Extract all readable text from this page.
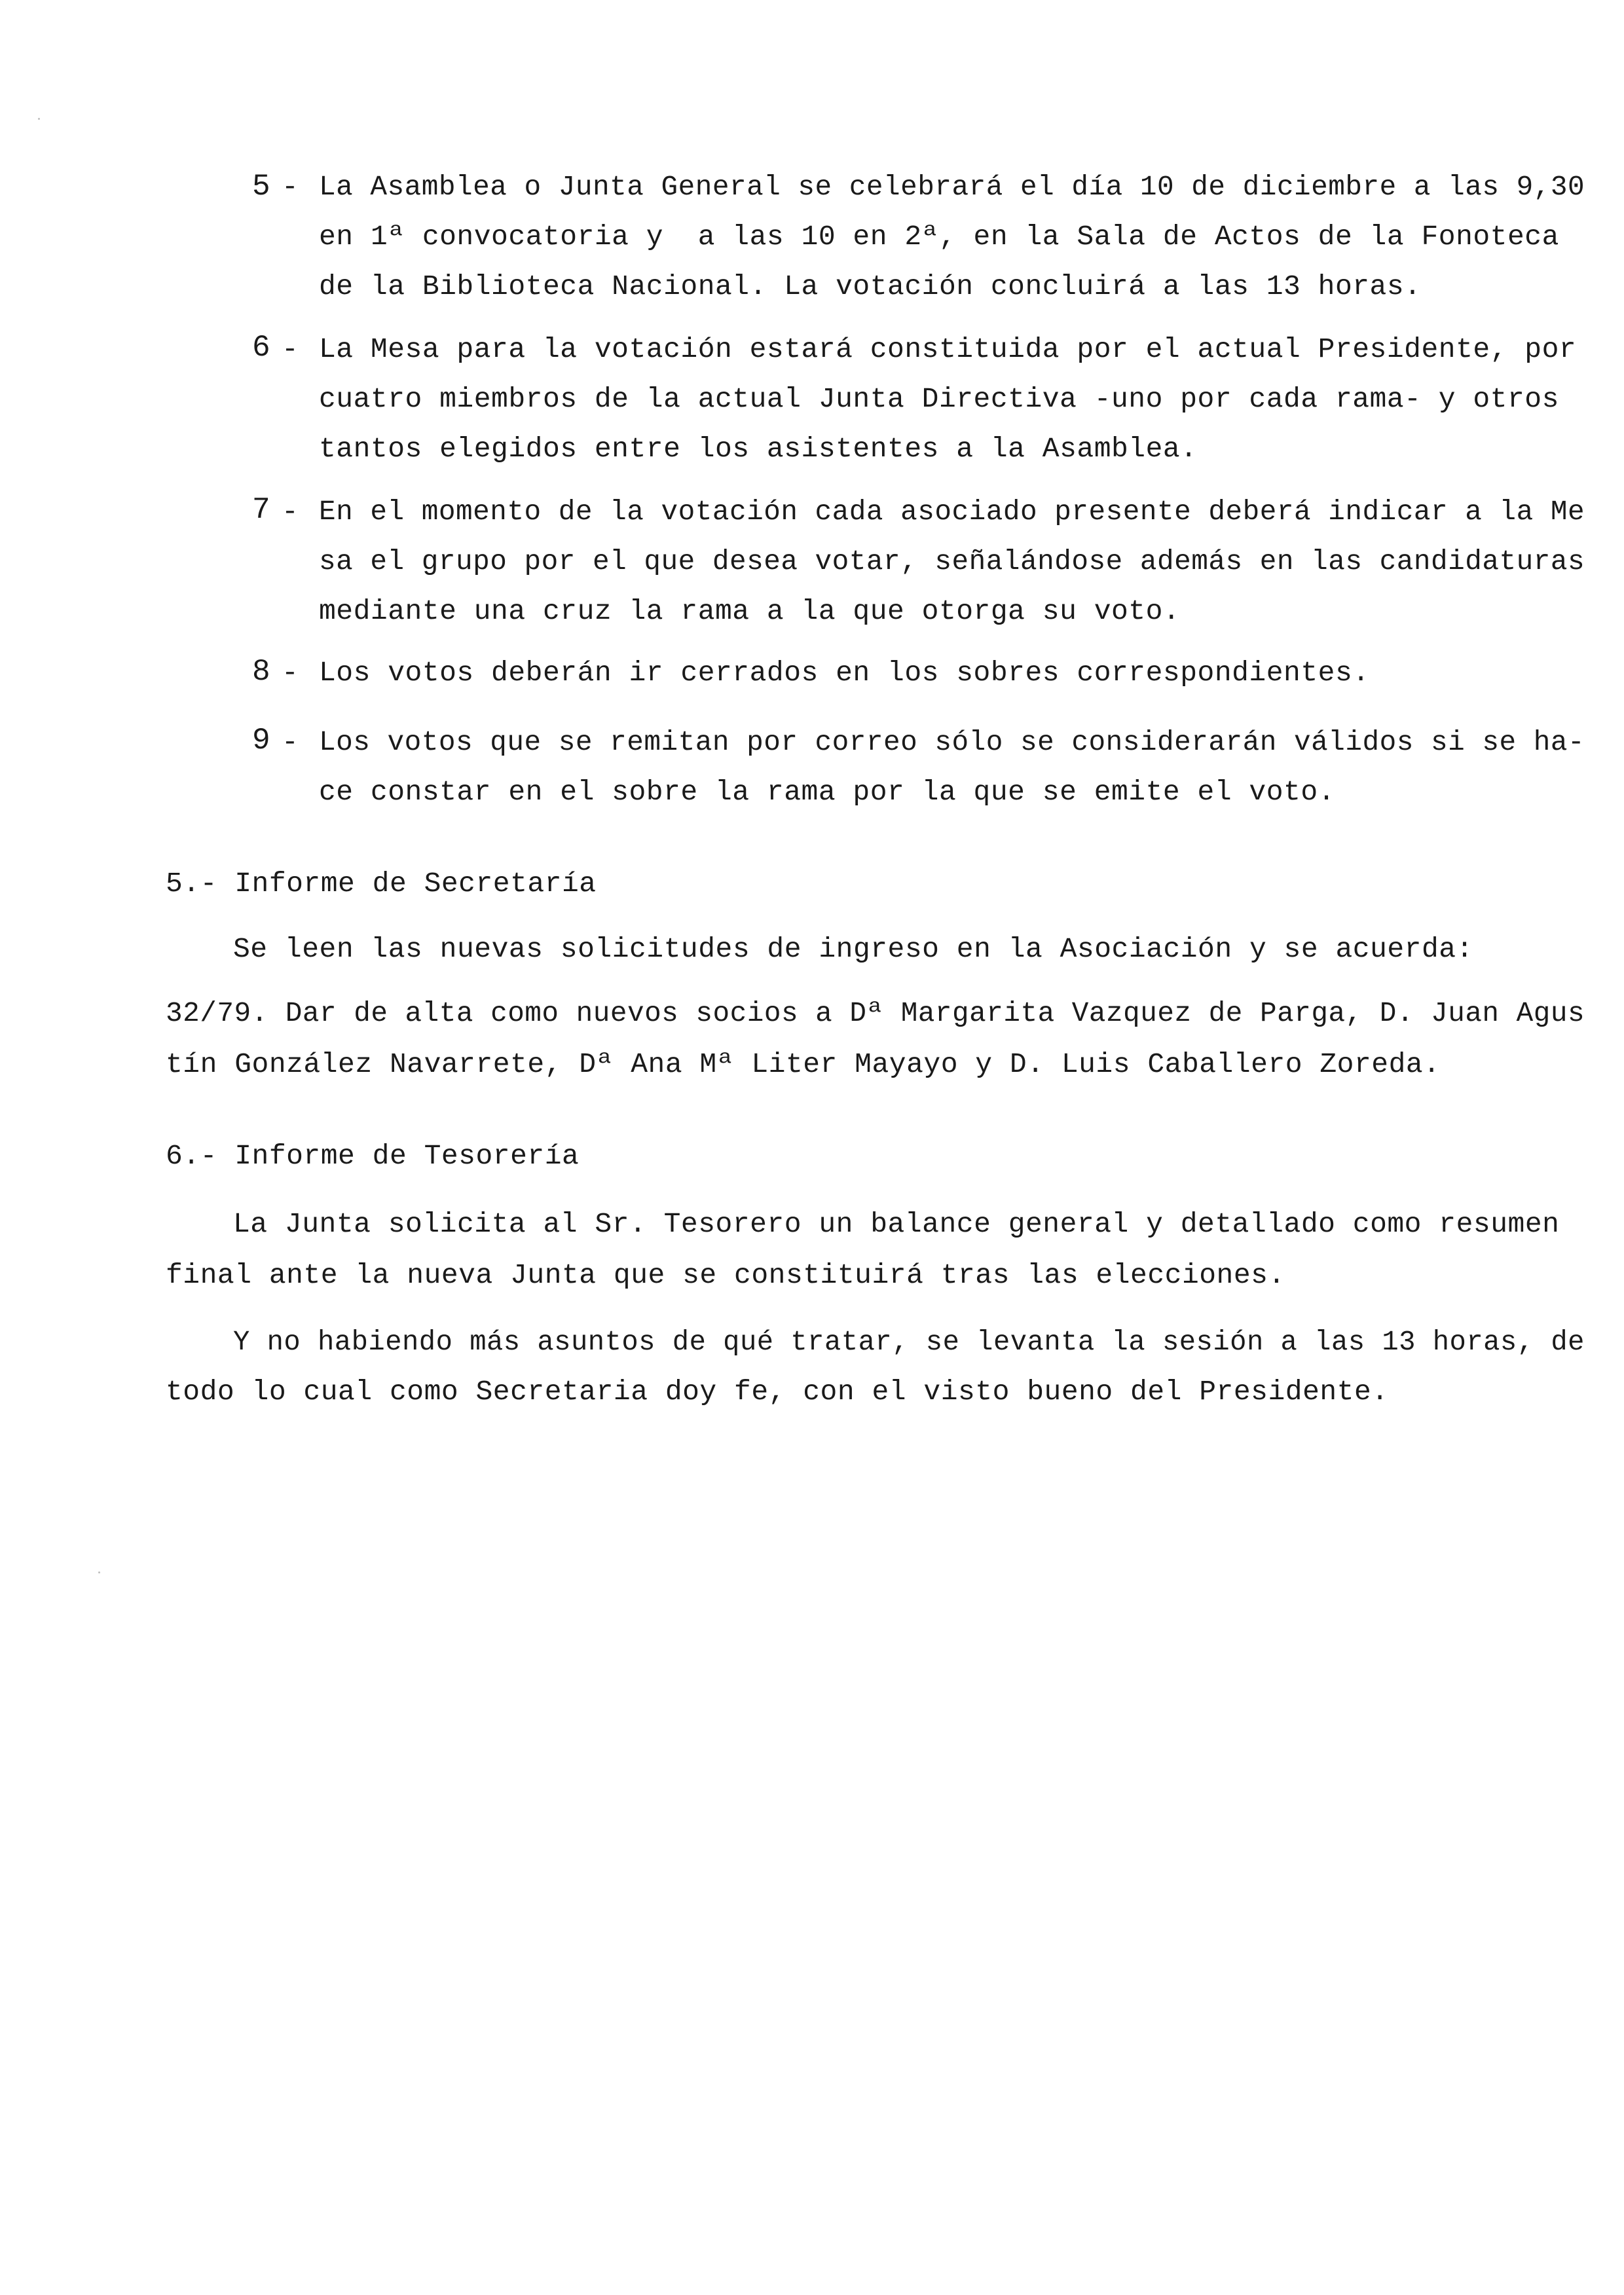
5 - La Asamblea o Junta General se celebrará el día 10 de diciembre a las 9,30
en 1ª convocatoria y  a las 10 en 2ª, en la Sala de Actos de la Fonoteca
de la Biblioteca Nacional. La votación concluirá a las 13 horas.
6 - La Mesa para la votación estará constituida por el actual Presidente, por
cuatro miembros de la actual Junta Directiva -uno por cada rama- y otros
tantos elegidos entre los asistentes a la Asamblea.
7 - En el momento de la votación cada asociado presente deberá indicar a la Me
sa el grupo por el que desea votar, señalándose además en las candidaturas
mediante una cruz la rama a la que otorga su voto.
8 - Los votos deberán ir cerrados en los sobres correspondientes.
9 - Los votos que se remitan por correo sólo se considerarán válidos si se ha-
ce constar en el sobre la rama por la que se emite el voto.
5.- Informe de Secretaría
Se leen las nuevas solicitudes de ingreso en la Asociación y se acuerda:
32/79. Dar de alta como nuevos socios a Dª Margarita Vazquez de Parga, D. Juan Agus
tín González Navarrete, Dª Ana Mª Liter Mayayo y D. Luis Caballero Zoreda.
6.- Informe de Tesorería
La Junta solicita al Sr. Tesorero un balance general y detallado como resumen
final ante la nueva Junta que se constituirá tras las elecciones.
Y no habiendo más asuntos de qué tratar, se levanta la sesión a las 13 horas, de
todo lo cual como Secretaria doy fe, con el visto bueno del Presidente.
